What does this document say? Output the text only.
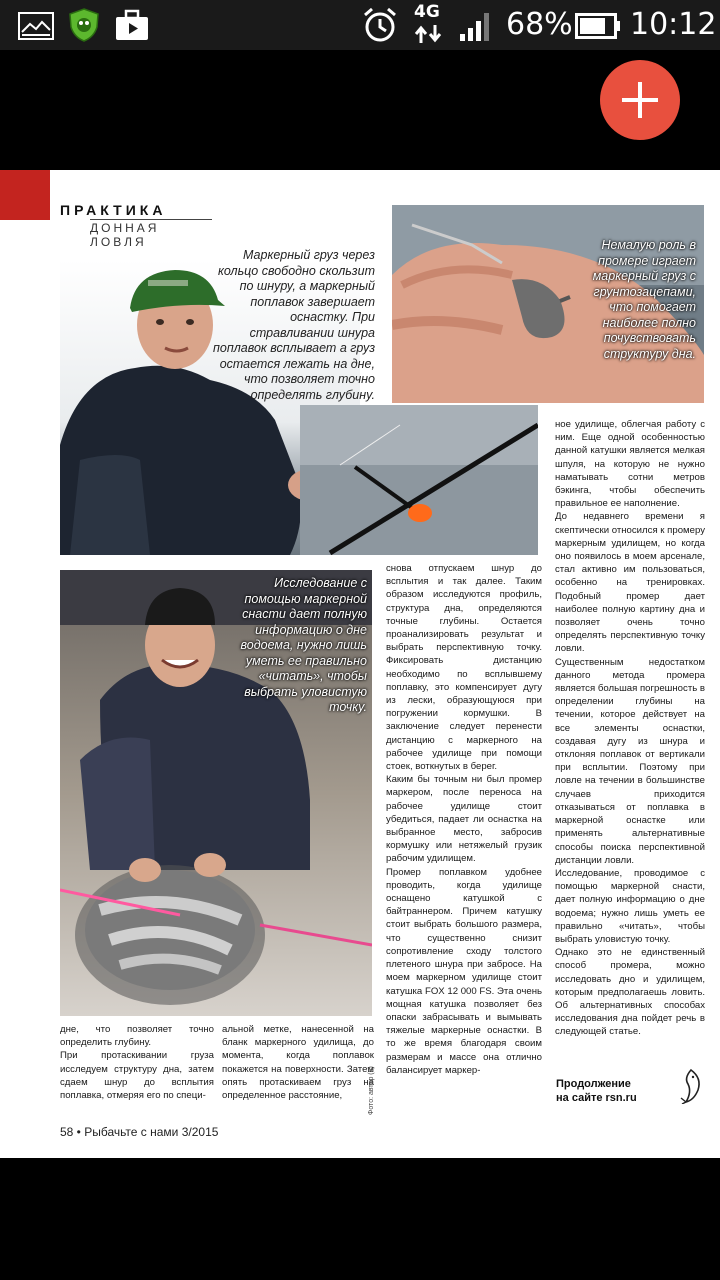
4G 68% 10:12
ПРАКТИКА
ДОННАЯ ЛОВЛЯ
Маркерный груз через кольцо свободно скользит по шнуру, а маркерный поплавок завершает оснастку. При стравливании шнура поплавок всплывает а груз остается лежать на дне, что позволяет точно определять глубину.
Немалую роль в промере играет маркерный груз с грунтозацепами, что помогает наиболее полно почувствовать структуру дна.
Исследование с помощью маркерной снасти дает полную информацию о дне водоема, нужно лишь уметь ее правильно «читать», чтобы выбрать уловистую точку.

снова отпускаем шнур до всплытия и так далее. Таким образом исследуются профиль, структура дна, определяются точные глубины. Остается проанализировать результат и выбрать перспективную точку. Фиксировать дистанцию необходимо по всплывшему поплавку, это компенсирует дугу из лески, образующуюся при погружении кормушки. В заключение следует перенести дистанцию с маркерного на рабочее удилище при помощи стоек, воткнутых в берег.
Каким бы точным ни был промер маркером, после переноса на рабочее удилище стоит убедиться, падает ли оснастка на выбранное место, забросив кормушку или нетяжелый грузик рабочим удилищем.
Промер поплавком удобнее проводить, когда удилище оснащено катушкой с байтраннером. Причем катушку стоит выбрать большого размера, что существенно снизит сопротивление сходу толстого плетеного шнура при забросе. На моем маркерном удилище стоит катушка FOX 12 000 FS. Эта очень мощная катушка позволяет без опаски забрасывать и вымывать тяжелые маркерные оснастки. В то же время благодаря своим размерам и массе она отлично балансирует маркер-

ное удилище, облегчая работу с ним. Еще одной особенностью данной катушки является мелкая шпуля, на которую не нужно наматывать сотни метров бэкинга, чтобы обеспечить правильное ее наполнение.
До недавнего времени я скептически относился к промеру маркерным удилищем, но когда оно появилось в моем арсенале, стал активно им пользоваться, особенно на тренировках. Подобный промер дает наиболее полную картину дна и позволяет очень точно определять перспективную точку ловли.
Существенным недостатком данного метода промера является большая погрешность в определении глубины на течении, которое действует на все элементы оснастки, создавая дугу из шнура и отклоняя поплавок от вертикали при всплытии. Поэтому при ловле на течении в большинстве случаев приходится отказываться от поплавка в маркерной оснастке или применять альтернативные способы поиска перспективной дистанции ловли.
Исследование, проводимое с помощью маркерной снасти, дает полную информацию о дне водоема; нужно лишь уметь ее правильно «читать», чтобы выбрать уловистую точку.
Однако это не единственный способ промера, можно исследовать дно и удилищем, которым предполагаешь ловить. Об альтернативных способах исследования дна пойдет речь в следующей статье.

дне, что позволяет точно определить глубину.
При протаскивании груза исследуем структуру дна, затем сдаем шнур до всплытия поплавка, отмеряя его по специ-

альной метке, нанесенной на бланк маркерного удилища, до момента, когда поплавок покажется на поверхности. Затем опять протаскиваем груз на определенное расстояние,	Фото: автор (6)	Продолжение
на сайте rsn.ru
58 • Рыбачьте с нами 3/2015
